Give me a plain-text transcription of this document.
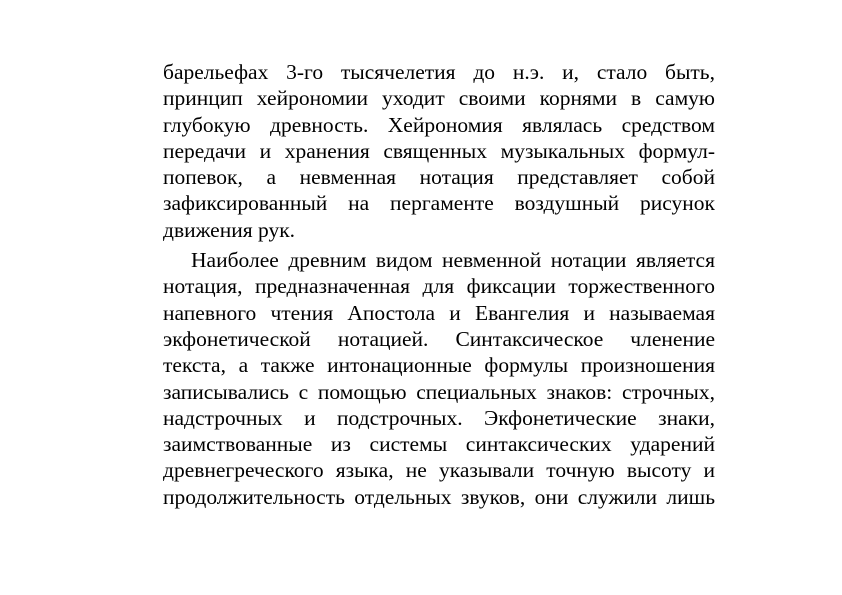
барельефах 3-го тысячелетия до н.э. и, стало быть,
принцип хейрономии уходит своими корнями в самую
глубокую древность. Хейрономия являлась средством
передачи и хранения священных музыкальных формул-
попевок, а невменная нотация представляет собой
зафиксированный на пергаменте воздушный рисунок
движения рук.
Наиболее древним видом невменной нотации является
нотация, предназначенная для фиксации торжественного
напевного чтения Апостола и Евангелия и называемая
экфонетической нотацией. Синтаксическое членение
текста, а также интонационные формулы произношения
записывались с помощью специальных знаков: строчных,
надстрочных и подстрочных. Экфонетические знаки,
заимствованные из системы синтаксических ударений
древнегреческого языка, не указывали точную высоту и
продолжительность отдельных звуков, они служили лишь
